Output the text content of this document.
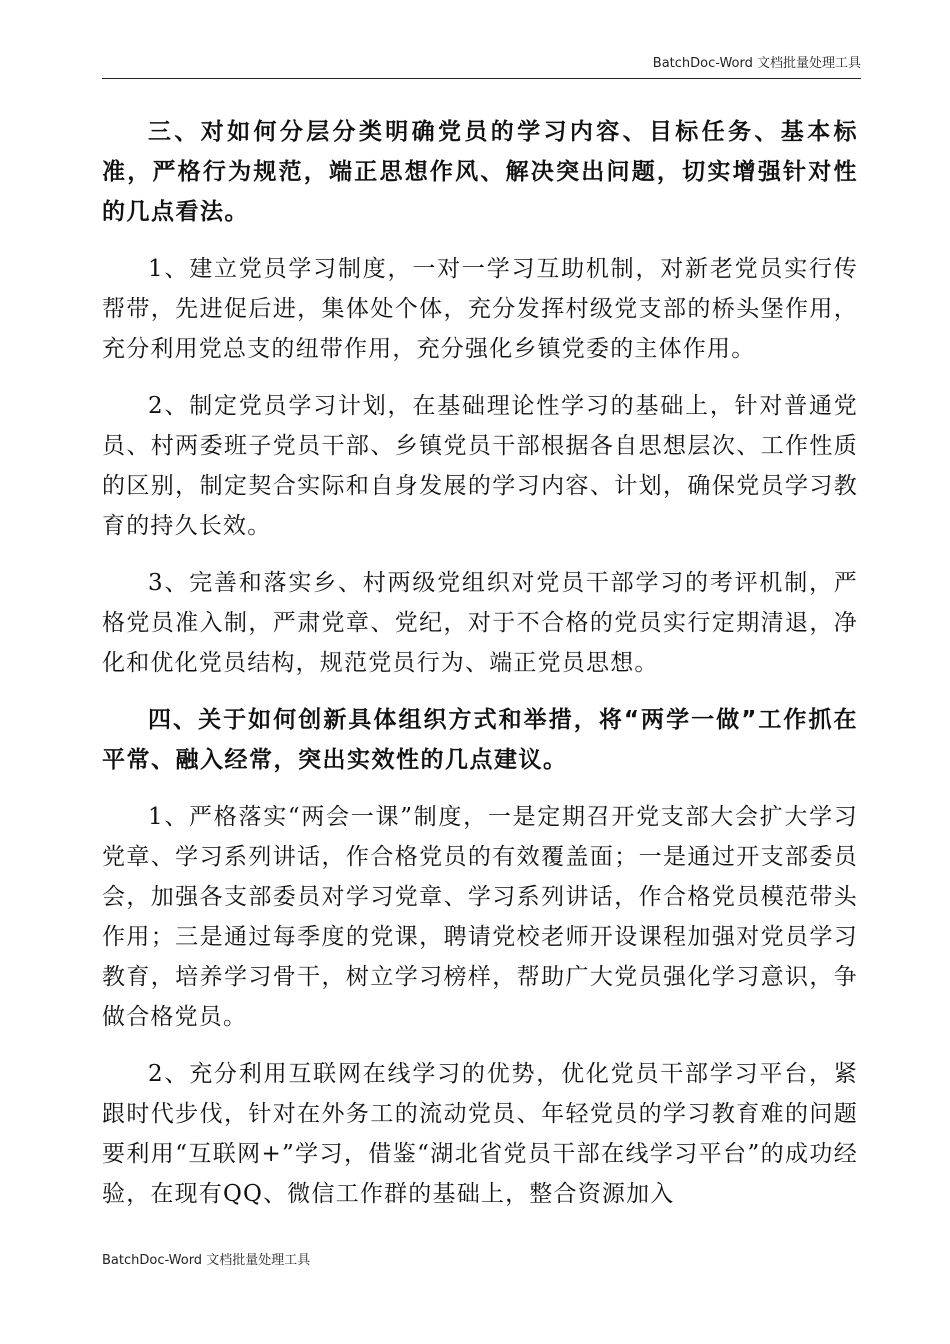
BatchDoc-Word 文档批量处理工具

三、对如何分层分类明确党员的学习内容、目标任务、基本标准，严格行为规范，端正思想作风、解决突出问题，切实增强针对性的几点看法。

1、建立党员学习制度，一对一学习互助机制，对新老党员实行传帮带，先进促后进，集体处个体，充分发挥村级党支部的桥头堡作用，充分利用党总支的纽带作用，充分强化乡镇党委的主体作用。

2、制定党员学习计划，在基础理论性学习的基础上，针对普通党员、村两委班子党员干部、乡镇党员干部根据各自思想层次、工作性质的区别，制定契合实际和自身发展的学习内容、计划，确保党员学习教育的持久长效。

3、完善和落实乡、村两级党组织对党员干部学习的考评机制，严格党员准入制，严肃党章、党纪，对于不合格的党员实行定期清退，净化和优化党员结构，规范党员行为、端正党员思想。

四、关于如何创新具体组织方式和举措，将“两学一做”工作抓在平常、融入经常，突出实效性的几点建议。

1、严格落实“两会一课”制度，一是定期召开党支部大会扩大学习党章、学习系列讲话，作合格党员的有效覆盖面；一是通过开支部委员会，加强各支部委员对学习党章、学习系列讲话，作合格党员模范带头作用；三是通过每季度的党课，聘请党校老师开设课程加强对党员学习教育，培养学习骨干，树立学习榜样，帮助广大党员强化学习意识，争做合格党员。

2、充分利用互联网在线学习的优势，优化党员干部学习平台，紧跟时代步伐，针对在外务工的流动党员、年轻党员的学习教育难的问题要利用“互联网+”学习，借鉴“湖北省党员干部在线学习平台”的成功经验，在现有QQ、微信工作群的基础上，整合资源加入

BatchDoc-Word 文档批量处理工具
